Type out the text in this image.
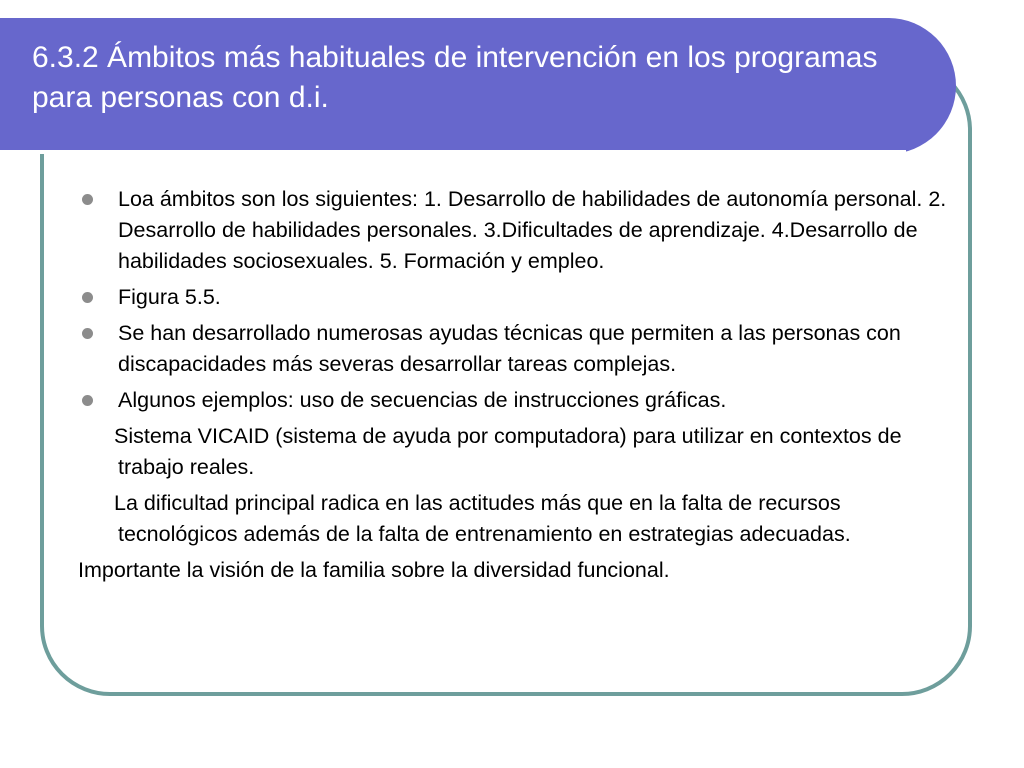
6.3.2 Ámbitos más habituales de intervención en los programas para personas con d.i.
Loa ámbitos son los siguientes: 1. Desarrollo de habilidades de autonomía personal. 2. Desarrollo de habilidades personales. 3.Dificultades de aprendizaje. 4.Desarrollo de habilidades sociosexuales. 5. Formación y empleo.
Figura 5.5.
Se han desarrollado numerosas ayudas técnicas que permiten a las personas con discapacidades más severas desarrollar tareas complejas.
Algunos ejemplos: uso de secuencias de instrucciones gráficas.

Sistema VICAID (sistema de ayuda por computadora) para utilizar en contextos de trabajo reales.

La dificultad principal radica en las actitudes más que en la falta de recursos tecnológicos además de la falta de entrenamiento en estrategias adecuadas.

Importante la visión de la familia sobre la diversidad funcional.
